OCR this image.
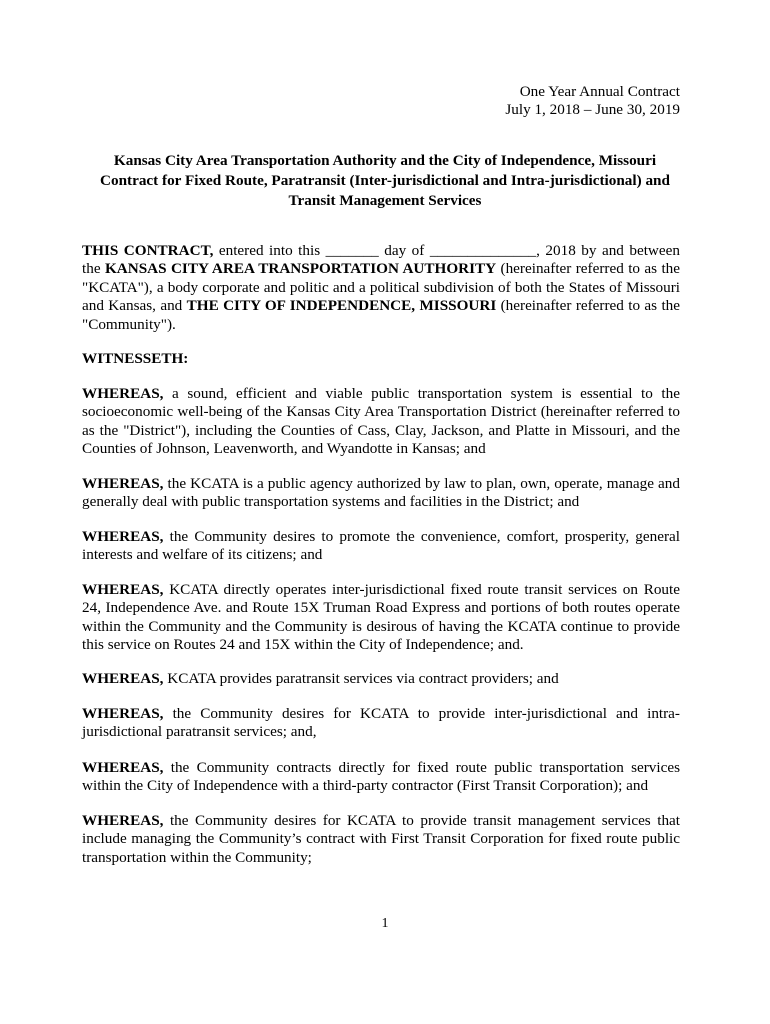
One Year Annual Contract
July 1, 2018 – June 30, 2019
Kansas City Area Transportation Authority and the City of Independence, Missouri
Contract for Fixed Route, Paratransit (Inter-jurisdictional and Intra-jurisdictional) and
Transit Management Services
THIS CONTRACT, entered into this _______ day of ______________, 2018 by and between the KANSAS CITY AREA TRANSPORTATION AUTHORITY (hereinafter referred to as the "KCATA"), a body corporate and politic and a political subdivision of both the States of Missouri and Kansas, and THE CITY OF INDEPENDENCE, MISSOURI (hereinafter referred to as the "Community").
WITNESSETH:
WHEREAS, a sound, efficient and viable public transportation system is essential to the socioeconomic well-being of the Kansas City Area Transportation District (hereinafter referred to as the "District"), including the Counties of Cass, Clay, Jackson, and Platte in Missouri, and the Counties of Johnson, Leavenworth, and Wyandotte in Kansas; and
WHEREAS, the KCATA is a public agency authorized by law to plan, own, operate, manage and generally deal with public transportation systems and facilities in the District; and
WHEREAS, the Community desires to promote the convenience, comfort, prosperity, general interests and welfare of its citizens; and
WHEREAS, KCATA directly operates inter-jurisdictional fixed route transit services on Route 24, Independence Ave. and Route 15X Truman Road Express and portions of both routes operate within the Community and the Community is desirous of having the KCATA continue to provide this service on Routes 24 and 15X within the City of Independence; and.
WHEREAS, KCATA provides paratransit services via contract providers; and
WHEREAS, the Community desires for KCATA to provide inter-jurisdictional and intra-jurisdictional paratransit services; and,
WHEREAS, the Community contracts directly for fixed route public transportation services within the City of Independence with a third-party contractor (First Transit Corporation); and
WHEREAS, the Community desires for KCATA to provide transit management services that include managing the Community’s contract with First Transit Corporation for fixed route public transportation within the Community;
1
